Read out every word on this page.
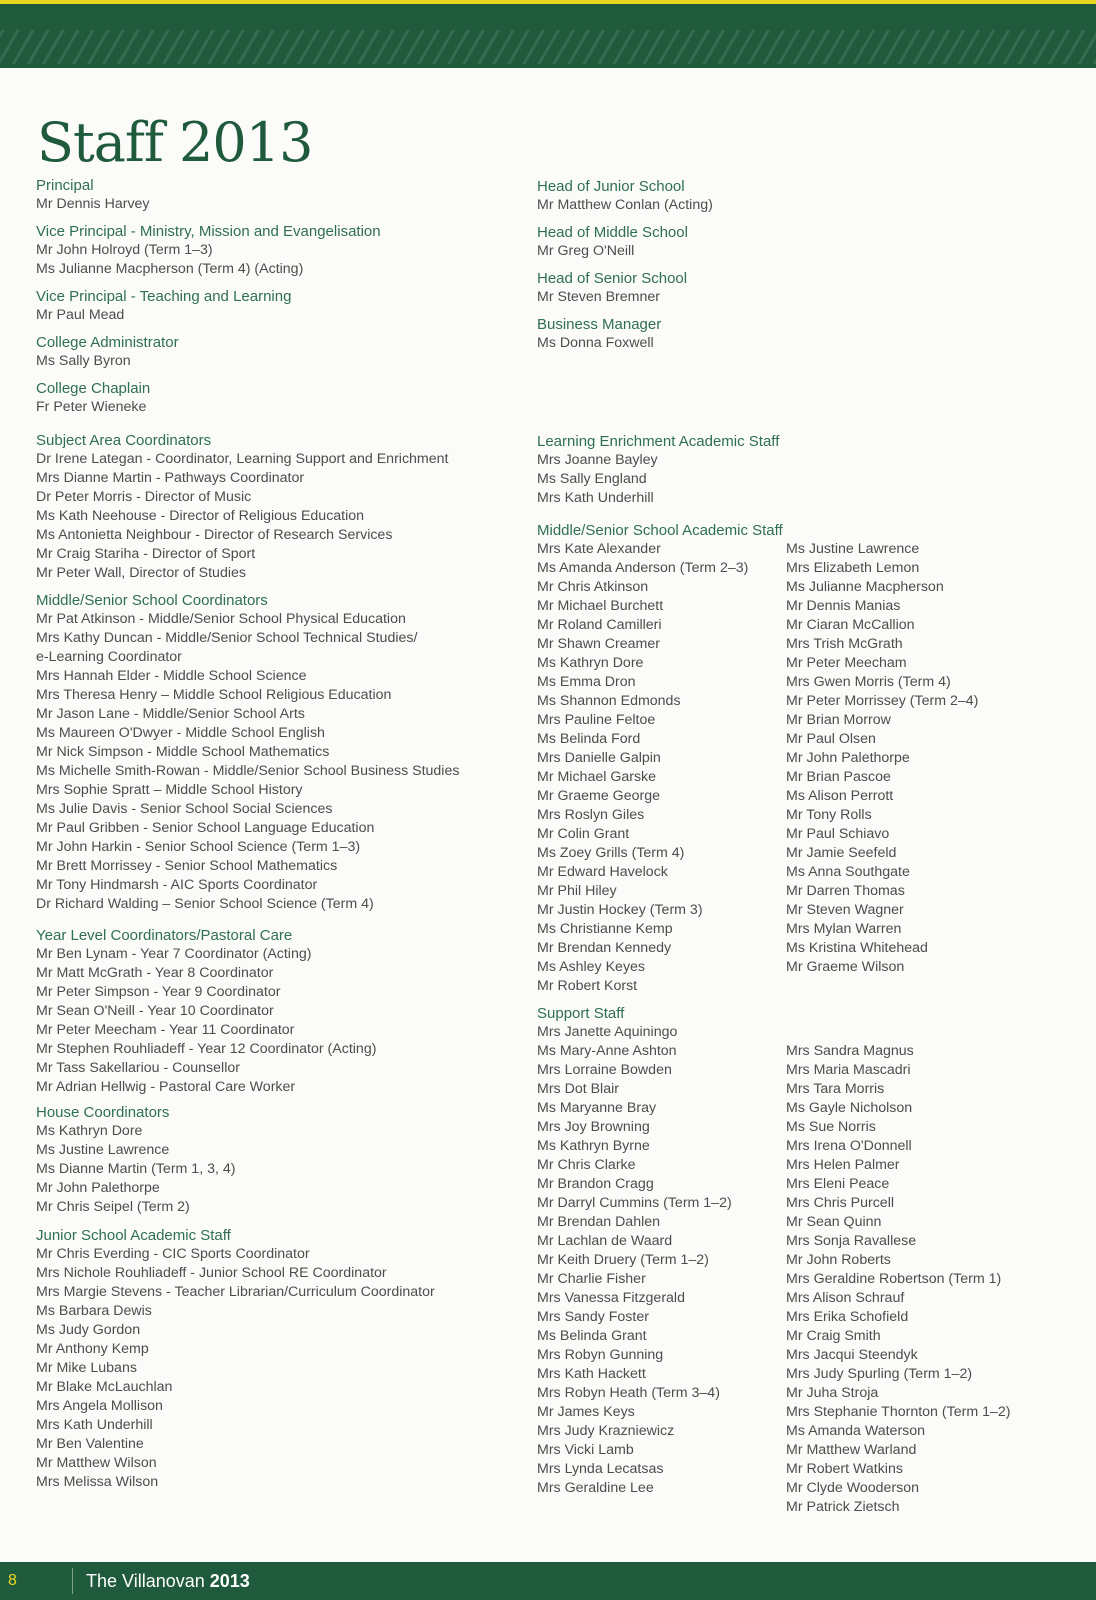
Staff 2013
Principal
Mr Dennis Harvey
Vice Principal - Ministry, Mission and Evangelisation
Mr John Holroyd (Term 1–3)
Ms Julianne Macpherson (Term 4) (Acting)
Vice Principal - Teaching and Learning
Mr Paul Mead
College Administrator
Ms Sally Byron
College Chaplain
Fr Peter Wieneke
Subject Area Coordinators
Dr Irene Lategan - Coordinator, Learning Support and Enrichment
Mrs Dianne Martin - Pathways Coordinator
Dr Peter Morris - Director of Music
Ms Kath Neehouse - Director of Religious Education
Ms Antonietta Neighbour - Director of Research Services
Mr Craig Stariha - Director of Sport
Mr Peter Wall, Director of Studies
Middle/Senior School Coordinators
Mr Pat Atkinson - Middle/Senior School Physical Education
Mrs Kathy Duncan - Middle/Senior School Technical Studies/
e-Learning Coordinator
Mrs Hannah Elder - Middle School Science
Mrs Theresa Henry – Middle School Religious Education
Mr Jason Lane - Middle/Senior School Arts
Ms Maureen O'Dwyer - Middle School English
Mr Nick Simpson - Middle School Mathematics
Ms Michelle Smith-Rowan - Middle/Senior School Business Studies
Mrs Sophie Spratt – Middle School History
Ms Julie Davis - Senior School Social Sciences
Mr Paul Gribben - Senior School Language Education
Mr John Harkin - Senior School Science (Term 1–3)
Mr Brett Morrissey - Senior School Mathematics
Mr Tony Hindmarsh - AIC Sports Coordinator
Dr Richard Walding – Senior School Science (Term 4)
Year Level Coordinators/Pastoral Care
Mr Ben Lynam - Year 7 Coordinator (Acting)
Mr Matt McGrath - Year 8 Coordinator
Mr Peter Simpson - Year 9 Coordinator
Mr Sean O'Neill - Year 10 Coordinator
Mr Peter Meecham - Year 11 Coordinator
Mr Stephen Rouhliadeff - Year 12 Coordinator (Acting)
Mr Tass Sakellariou - Counsellor
Mr Adrian Hellwig - Pastoral Care Worker
House Coordinators
Ms Kathryn Dore
Ms Justine Lawrence
Ms Dianne Martin (Term 1, 3, 4)
Mr John Palethorpe
Mr Chris Seipel (Term 2)
Junior School Academic Staff
Mr Chris Everding - CIC Sports Coordinator
Mrs Nichole Rouhliadeff - Junior School RE Coordinator
Mrs Margie Stevens - Teacher Librarian/Curriculum Coordinator
Ms Barbara Dewis
Ms Judy Gordon
Mr Anthony Kemp
Mr Mike Lubans
Mr Blake McLauchlan
Mrs Angela Mollison
Mrs Kath Underhill
Mr Ben Valentine
Mr Matthew Wilson
Mrs Melissa Wilson
Head of Junior School
Mr Matthew Conlan (Acting)
Head of Middle School
Mr Greg O'Neill
Head of Senior School
Mr Steven Bremner
Business Manager
Ms Donna Foxwell
Learning Enrichment Academic Staff
Mrs Joanne Bayley
Ms Sally England
Mrs Kath Underhill
Middle/Senior School Academic Staff
Mrs Kate Alexander
Ms Amanda Anderson (Term 2–3)
Mr Chris Atkinson
Mr Michael Burchett
Mr Roland Camilleri
Mr Shawn Creamer
Ms Kathryn Dore
Ms Emma Dron
Ms Shannon Edmonds
Mrs Pauline Feltoe
Ms Belinda Ford
Mrs Danielle Galpin
Mr Michael Garske
Mr Graeme George
Mrs Roslyn Giles
Mr Colin Grant
Ms Zoey Grills (Term 4)
Mr Edward Havelock
Mr Phil Hiley
Mr Justin Hockey (Term 3)
Ms Christianne Kemp
Mr Brendan Kennedy
Ms Ashley Keyes
Mr Robert Korst
Ms Justine Lawrence
Mrs Elizabeth Lemon
Ms Julianne Macpherson
Mr Dennis Manias
Mr Ciaran McCallion
Mrs Trish McGrath
Mr Peter Meecham
Mrs Gwen Morris (Term 4)
Mr Peter Morrissey (Term 2–4)
Mr Brian Morrow
Mr Paul Olsen
Mr John Palethorpe
Mr Brian Pascoe
Ms Alison Perrott
Mr Tony Rolls
Mr Paul Schiavo
Mr Jamie Seefeld
Ms Anna Southgate
Mr Darren Thomas
Mr Steven Wagner
Mrs Mylan Warren
Ms Kristina Whitehead
Mr Graeme Wilson
Support Staff
Mrs Janette Aquiningo
Ms Mary-Anne Ashton
Mrs Lorraine Bowden
Mrs Dot Blair
Ms Maryanne Bray
Mrs Joy Browning
Ms Kathryn Byrne
Mr Chris Clarke
Mr Brandon Cragg
Mr Darryl Cummins (Term 1–2)
Mr Brendan Dahlen
Mr Lachlan de Waard
Mr Keith Druery (Term 1–2)
Mr Charlie Fisher
Mrs Vanessa Fitzgerald
Mrs Sandy Foster
Ms Belinda Grant
Mrs Robyn Gunning
Mrs Kath Hackett
Mrs Robyn Heath (Term 3–4)
Mr James Keys
Mrs Judy Krazniewicz
Mrs Vicki Lamb
Mrs Lynda Lecatsas
Mrs Geraldine Lee
Mrs Sandra Magnus
Mrs Maria Mascadri
Mrs Tara Morris
Ms Gayle Nicholson
Ms Sue Norris
Mrs Irena O'Donnell
Mrs Helen Palmer
Mrs Eleni Peace
Mrs Chris Purcell
Mr Sean Quinn
Mrs Sonja Ravallese
Mr John Roberts
Mrs Geraldine Robertson (Term 1)
Mrs Alison Schrauf
Mrs Erika Schofield
Mr Craig Smith
Mrs Jacqui Steendyk
Mrs Judy Spurling (Term 1–2)
Mr Juha Stroja
Mrs Stephanie Thornton (Term 1–2)
Ms Amanda Waterson
Mr Matthew Warland
Mr Robert Watkins
Mr Clyde Wooderson
Mr Patrick Zietsch
8	The Villanovan 2013
